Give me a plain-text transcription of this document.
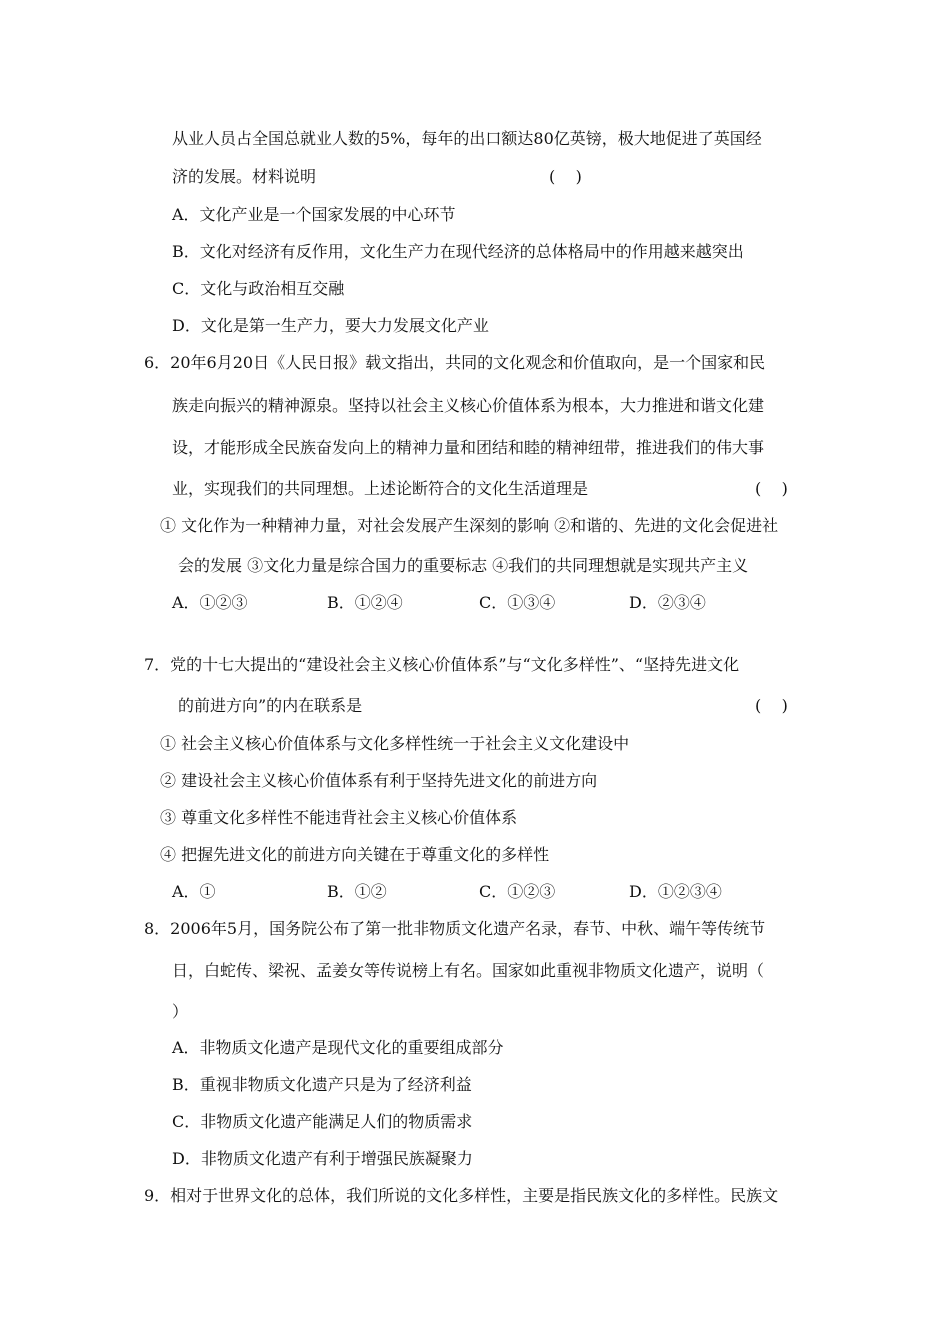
从业人员占全国总就业人数的5%，每年的出口额达80亿英镑，极大地促进了英国经
济的发展。材料说明	(    )
A．文化产业是一个国家发展的中心环节
B．文化对经济有反作用，文化生产力在现代经济的总体格局中的作用越来越突出
C．文化与政治相互交融
D．文化是第一生产力，要大力发展文化产业
6．20年6月20日《人民日报》载文指出，共同的文化观念和价值取向，是一个国家和民
族走向振兴的精神源泉。坚持以社会主义核心价值体系为根本，大力推进和谐文化建
设，才能形成全民族奋发向上的精神力量和团结和睦的精神纽带，推进我们的伟大事
业，实现我们的共同理想。上述论断符合的文化生活道理是	(    )
① 文化作为一种精神力量，对社会发展产生深刻的影响 ②和谐的、先进的文化会促进社
会的发展 ③文化力量是综合国力的重要标志 ④我们的共同理想就是实现共产主义
A．①②③	B．①②④	C．①③④	D．②③④
7．党的十七大提出的“建设社会主义核心价值体系”与“文化多样性”、“坚持先进文化
的前进方向”的内在联系是	(    )
① 社会主义核心价值体系与文化多样性统一于社会主义文化建设中
② 建设社会主义核心价值体系有利于坚持先进文化的前进方向
③ 尊重文化多样性不能违背社会主义核心价值体系
④ 把握先进文化的前进方向关键在于尊重文化的多样性
A．①	B．①②	C．①②③	D．①②③④
8．2006年5月，国务院公布了第一批非物质文化遗产名录，春节、中秋、端午等传统节
日，白蛇传、梁祝、孟姜女等传说榜上有名。国家如此重视非物质文化遗产，说明（
）
A．非物质文化遗产是现代文化的重要组成部分
B．重视非物质文化遗产只是为了经济利益
C．非物质文化遗产能满足人们的物质需求
D．非物质文化遗产有利于增强民族凝聚力
9．相对于世界文化的总体，我们所说的文化多样性，主要是指民族文化的多样性。民族文
